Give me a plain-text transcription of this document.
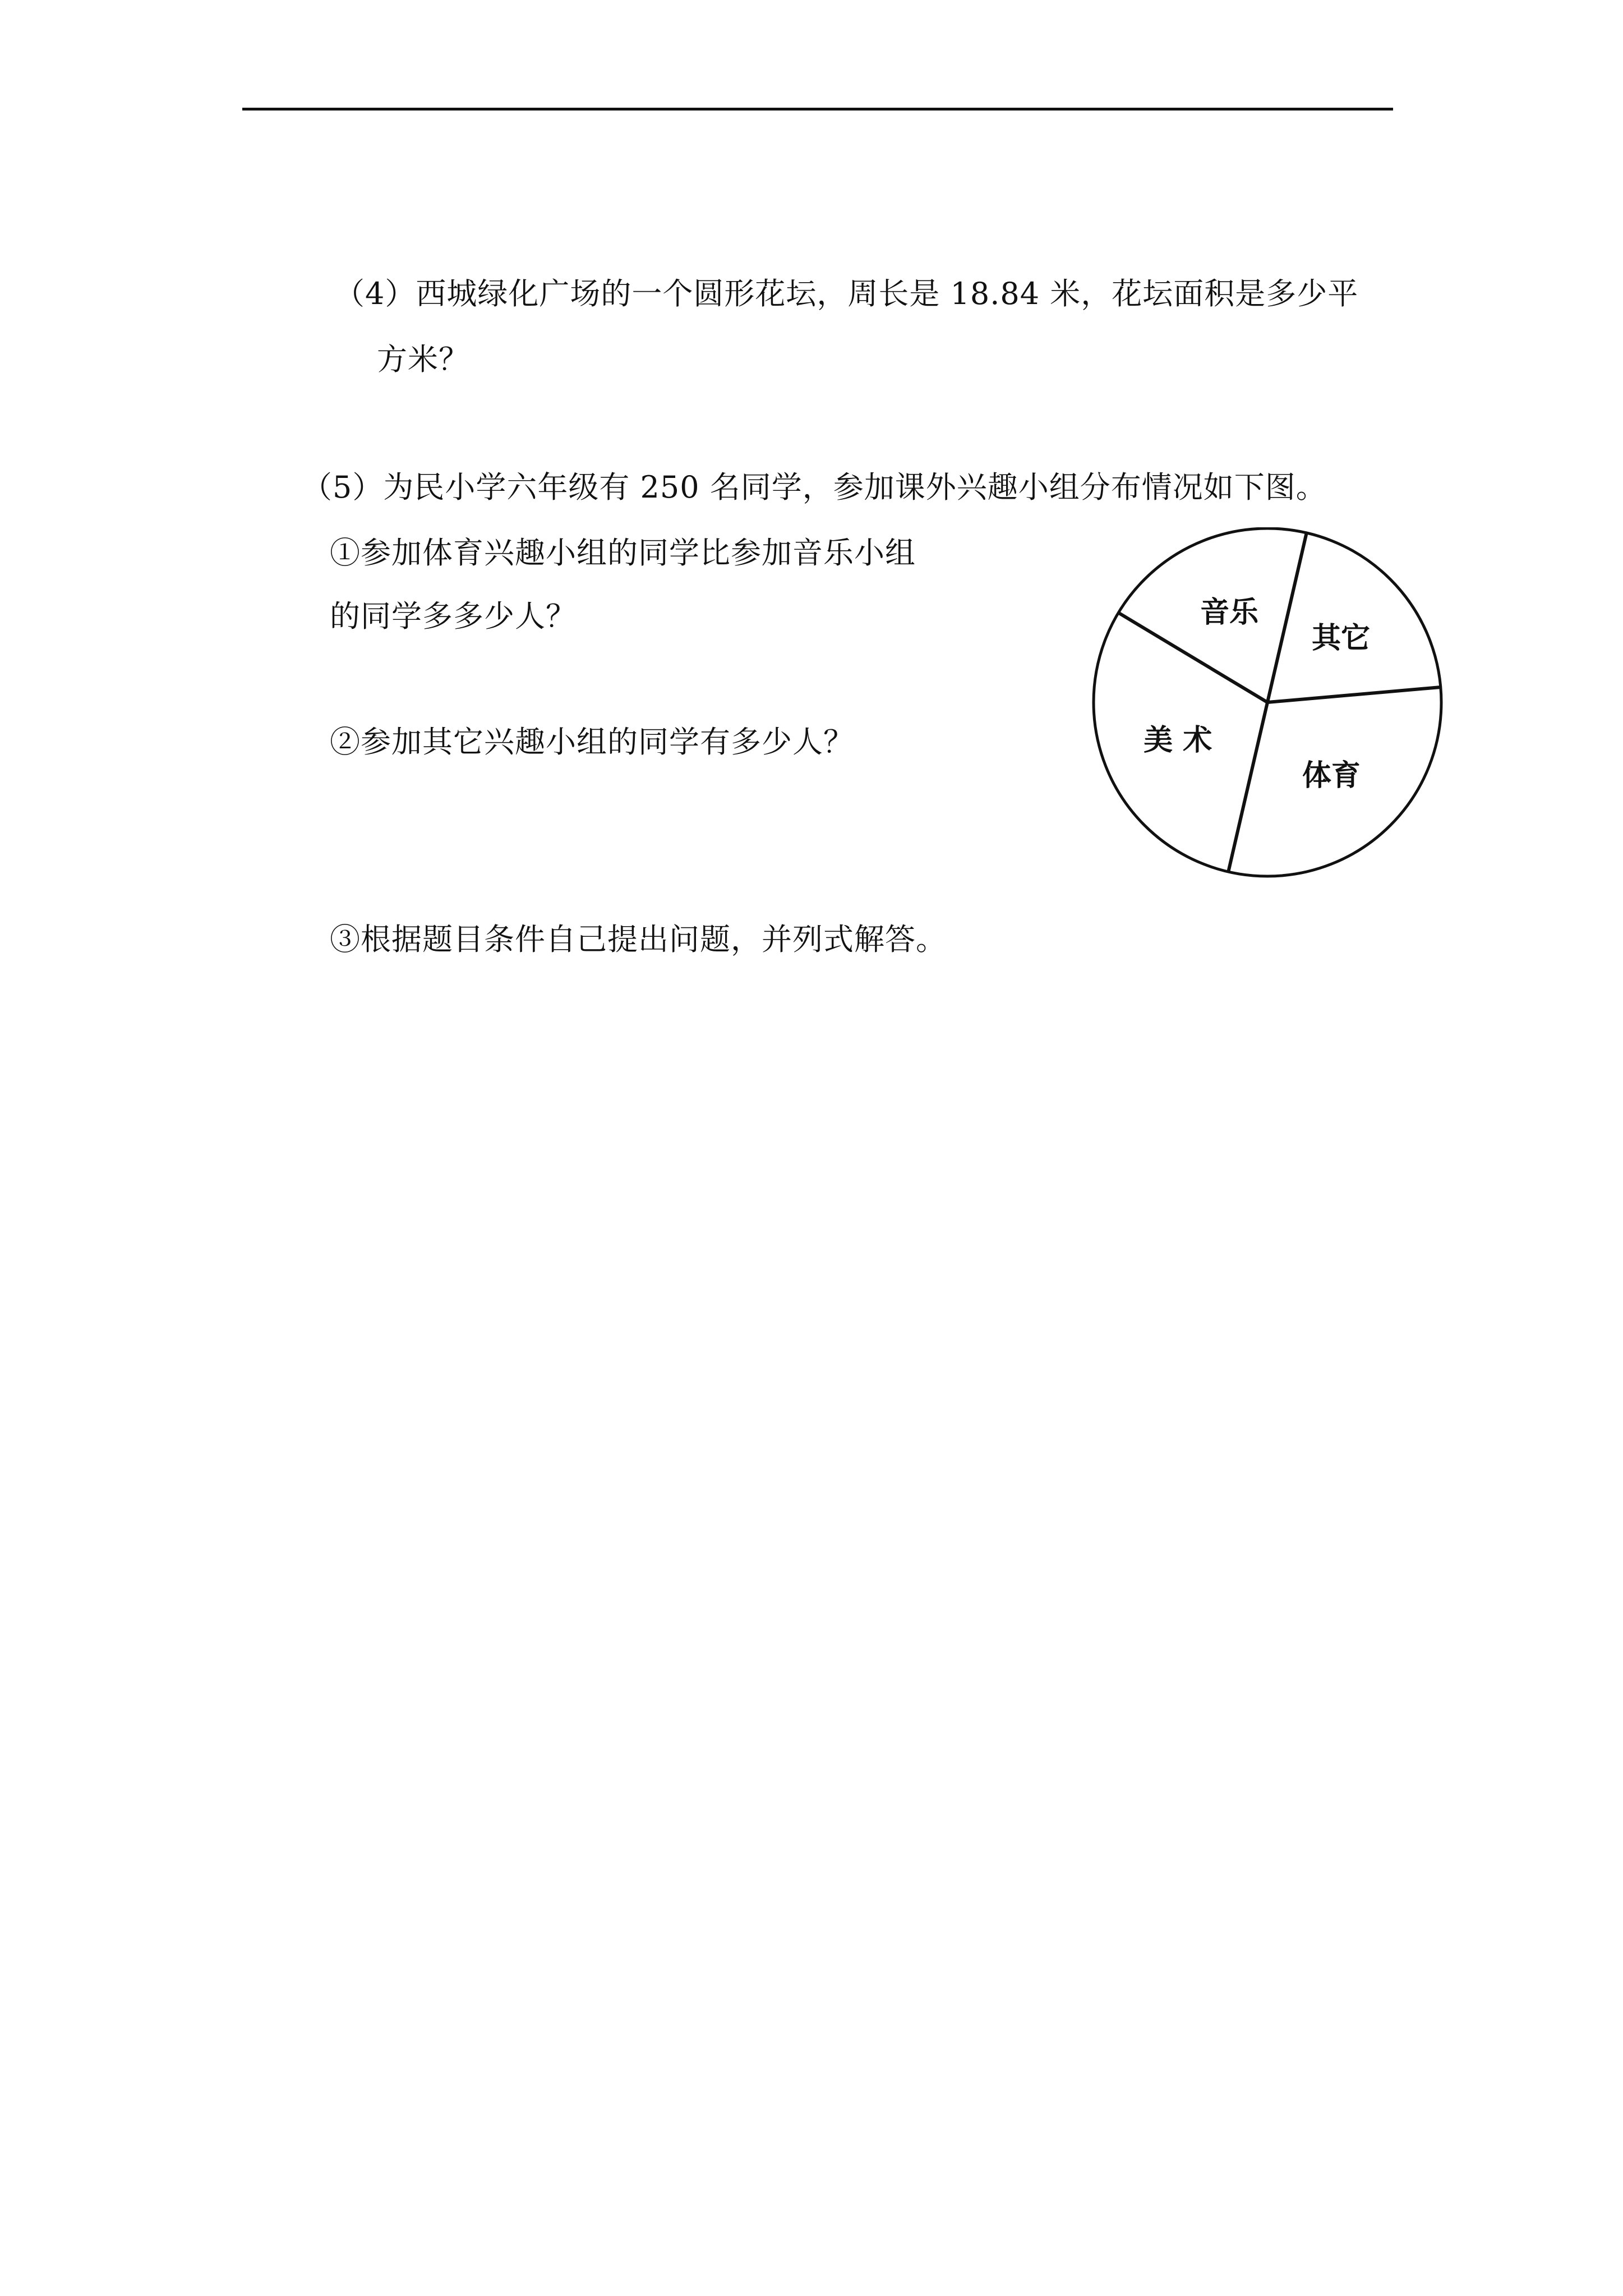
（4）西城绿化广场的一个圆形花坛，周长是 18.84 米，花坛面积是多少平
方米？
（5）为民小学六年级有 250 名同学，参加课外兴趣小组分布情况如下图。
①参加体育兴趣小组的同学比参加音乐小组
的同学多多少人？
②参加其它兴趣小组的同学有多少人？
③根据题目条件自己提出问题，并列式解答。
其它
体育
美 术
音乐
